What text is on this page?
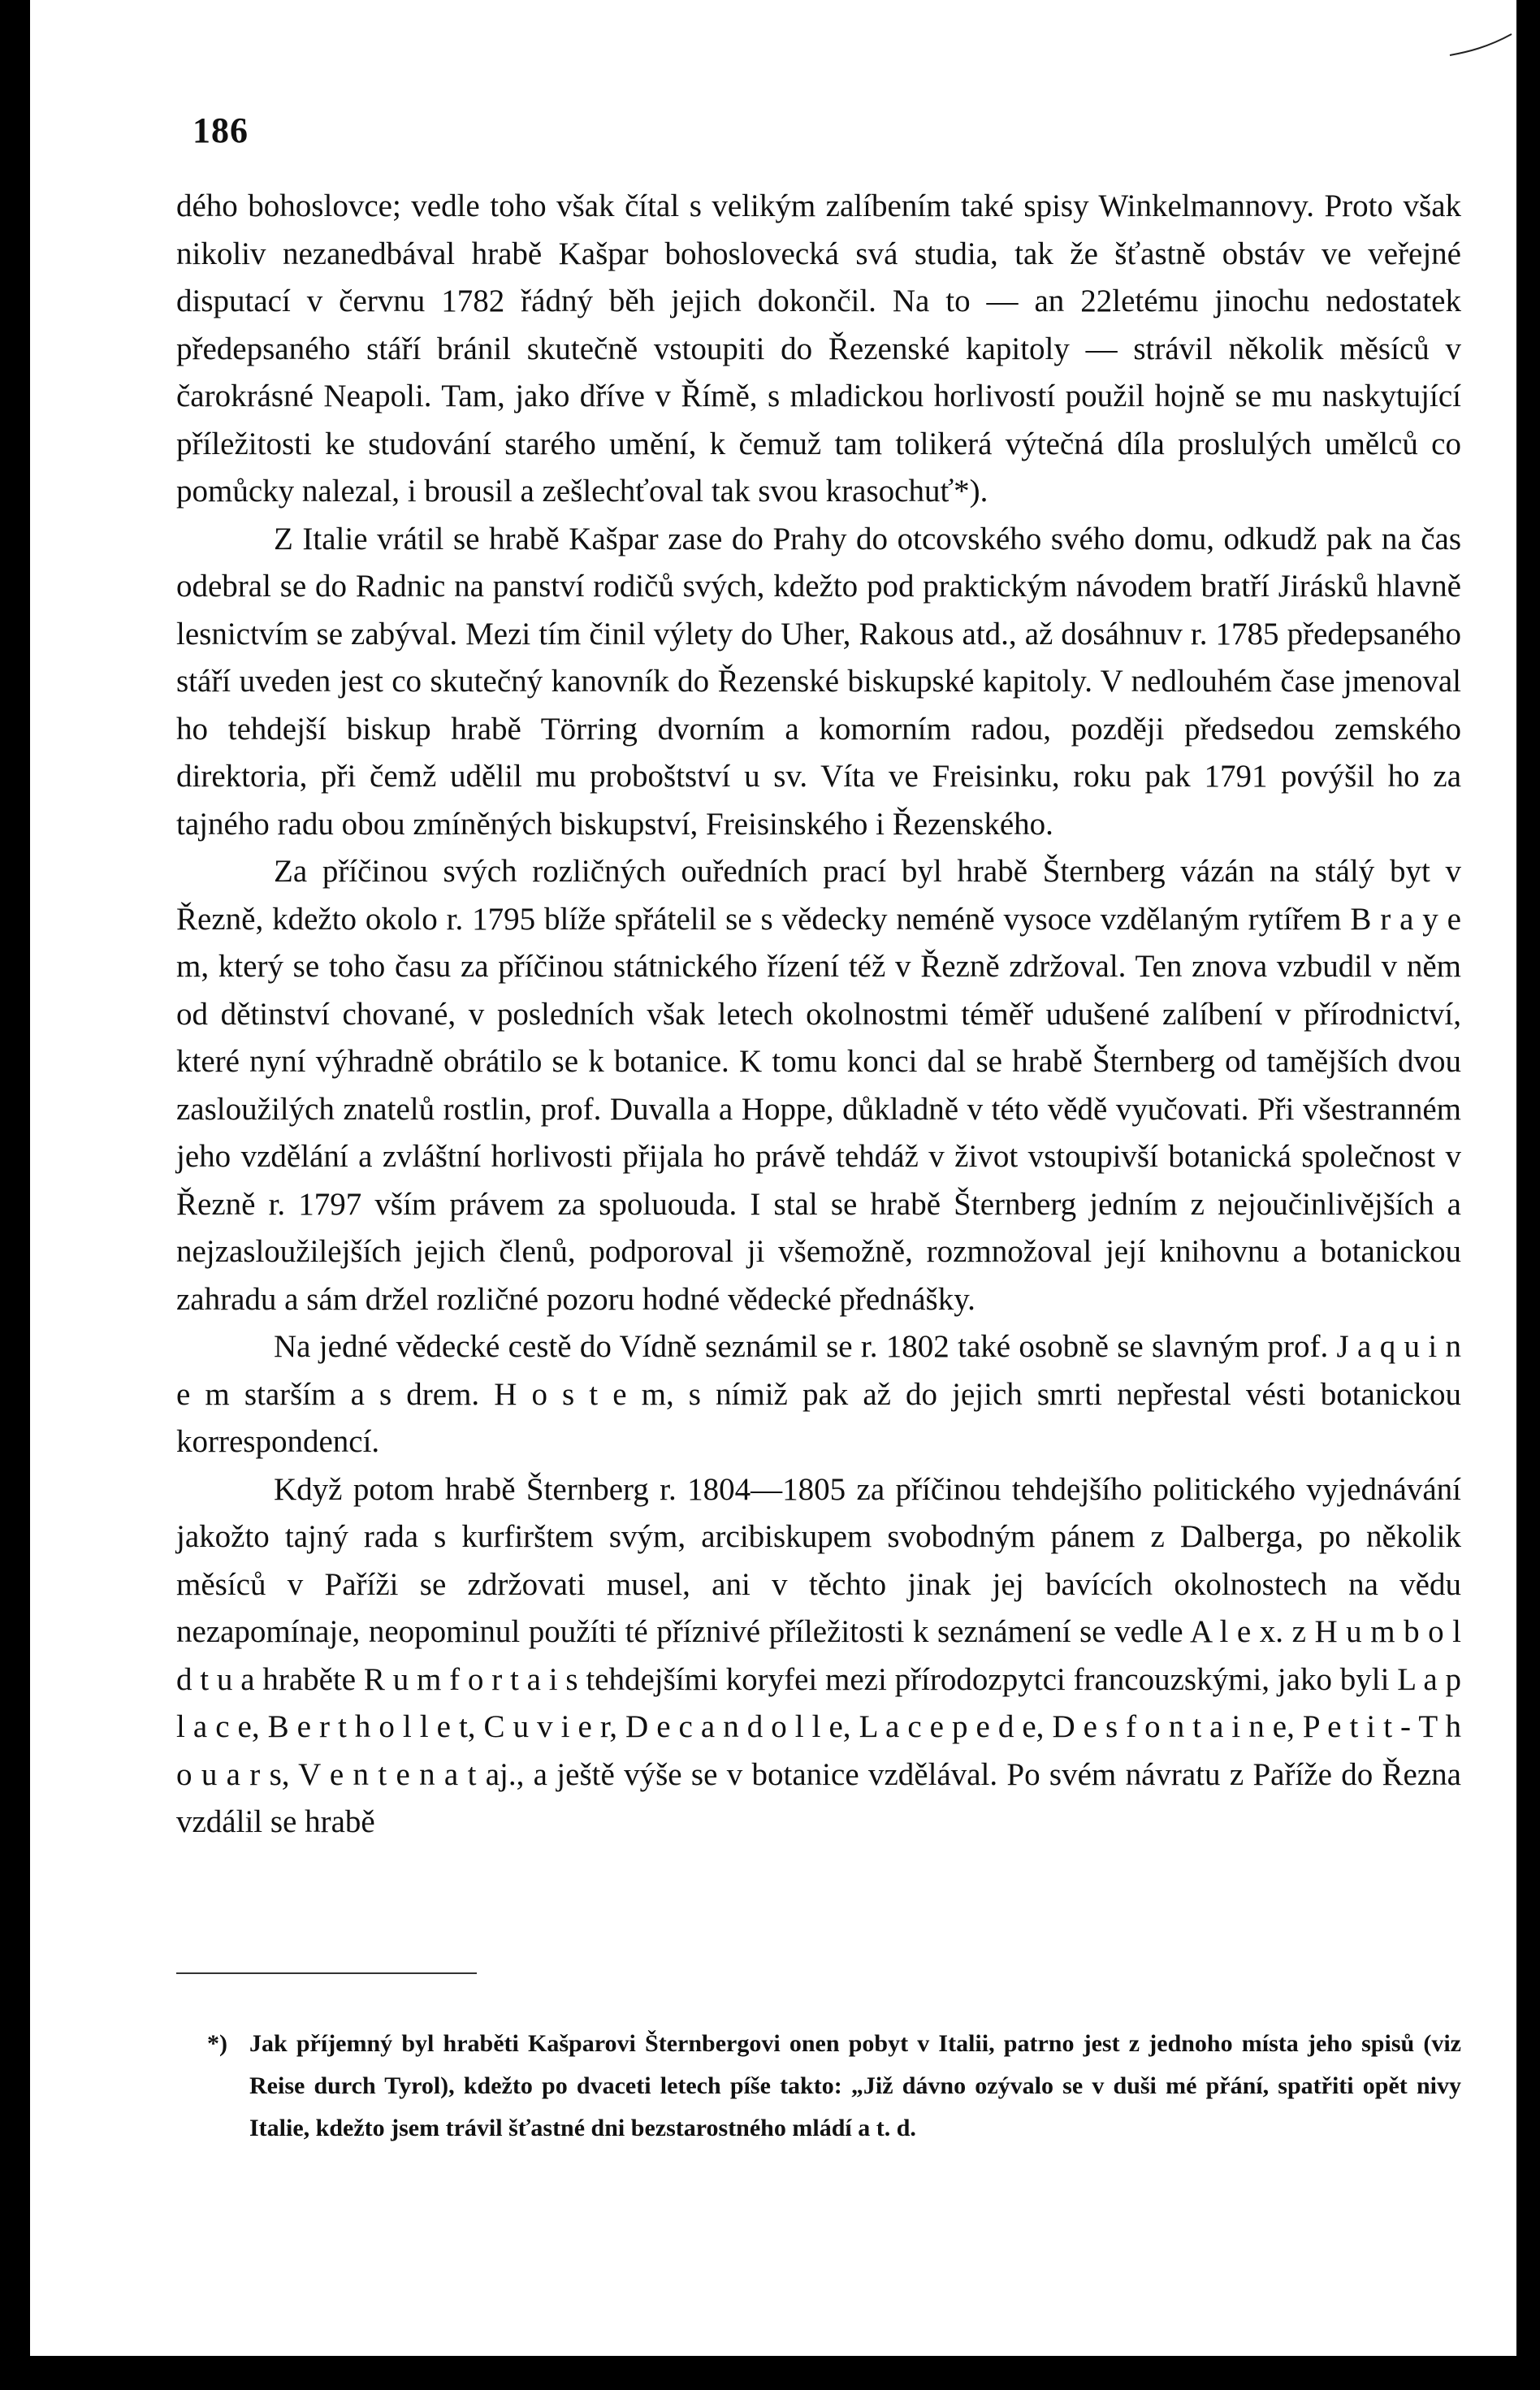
186

dého bohoslovce; vedle toho však čítal s velikým zalíbením také spisy Winkelmannovy. Proto však nikoliv nezanedbával hrabě Kašpar bohoslovecká svá studia, tak že šťastně obstáv ve veřejné disputací v červnu 1782 řádný běh jejich dokončil. Na to — an 22letému jinochu nedostatek předepsaného stáří bránil skutečně vstoupiti do Řezenské kapitoly — strávil několik měsíců v čarokrásné Neapoli. Tam, jako dříve v Římě, s mladickou horlivostí použil hojně se mu naskytující příležitosti ke studování starého umění, k čemuž tam tolikerá výtečná díla proslulých umělců co pomůcky nalezal, i brousil a zešlechťoval tak svou krasochuť*).

Z Italie vrátil se hrabě Kašpar zase do Prahy do otcovského svého domu, odkudž pak na čas odebral se do Radnic na panství rodičů svých, kdežto pod praktickým návodem bratří Jirásků hlavně lesnictvím se zabýval. Mezi tím činil výlety do Uher, Rakous atd., až dosáhnuv r. 1785 předepsaného stáří uveden jest co skutečný kanovník do Řezenské biskupské kapitoly. V nedlouhém čase jmenoval ho tehdejší biskup hrabě Törring dvorním a komorním radou, později předsedou zemského direktoria, při čemž udělil mu proboštství u sv. Víta ve Freisinku, roku pak 1791 povýšil ho za tajného radu obou zmíněných biskupství, Freisinského i Řezenského.

Za příčinou svých rozličných ouředních prací byl hrabě Šternberg vázán na stálý byt v Řezně, kdežto okolo r. 1795 blíže spřátelil se s vědecky neméně vysoce vzdělaným rytířem B r a y e m, který se toho času za příčinou státnického řízení též v Řezně zdržoval. Ten znova vzbudil v něm od dětinství chované, v posledních však letech okolnostmi téměř udušené zalíbení v přírodnictví, které nyní výhradně obrátilo se k botanice. K tomu konci dal se hrabě Šternberg od tamějších dvou zasloužilých znatelů rostlin, prof. Duvalla a Hoppe, důkladně v této vědě vyučovati. Při všestranném jeho vzdělání a zvláštní horlivosti přijala ho právě tehdáž v život vstoupivší botanická společnost v Řezně r. 1797 vším právem za spoluouda. I stal se hrabě Šternberg jedním z nejoučinlivějších a nejzasloužilejších jejich členů, podporoval ji všemožně, rozmnožoval její knihovnu a botanickou zahradu a sám držel rozličné pozoru hodné vědecké přednášky.

Na jedné vědecké cestě do Vídně seznámil se r. 1802 také osobně se slavným prof. J a q u i n e m starším a s drem. H o s t e m, s nímiž pak až do jejich smrti nepřestal vésti botanickou korrespondencí.

Když potom hrabě Šternberg r. 1804—1805 za příčinou tehdejšího politického vyjednávání jakožto tajný rada s kurfirštem svým, arcibiskupem svobodným pánem z Dalberga, po několik měsíců v Paříži se zdržovati musel, ani v těchto jinak jej bavících okolnostech na vědu nezapomínaje, neopominul použíti té příznivé příležitosti k seznámení se vedle A l e x. z H u m b o l d t u a hraběte R u m f o r t a i s tehdejšími koryfei mezi přírodozpytci francouzskými, jako byli L a p l a c e, B e r t h o l l e t, C u v i e r, D e c a n d o l l e, L a c e p e d e, D e s f o n t a i n e, P e t i t - T h o u a r s, V e n t e n a t aj., a ještě výše se v botanice vzdělával. Po svém návratu z Paříže do Řezna vzdálil se hrabě

*) Jak příjemný byl hraběti Kašparovi Šternbergovi onen pobyt v Italii, patrno jest z jednoho místa jeho spisů (viz Reise durch Tyrol), kdežto po dvaceti letech píše takto: „Již dávno ozývalo se v duši mé přání, spatřiti opět nivy Italie, kdežto jsem trávil šťastné dni bezstarostného mládí a t. d.
